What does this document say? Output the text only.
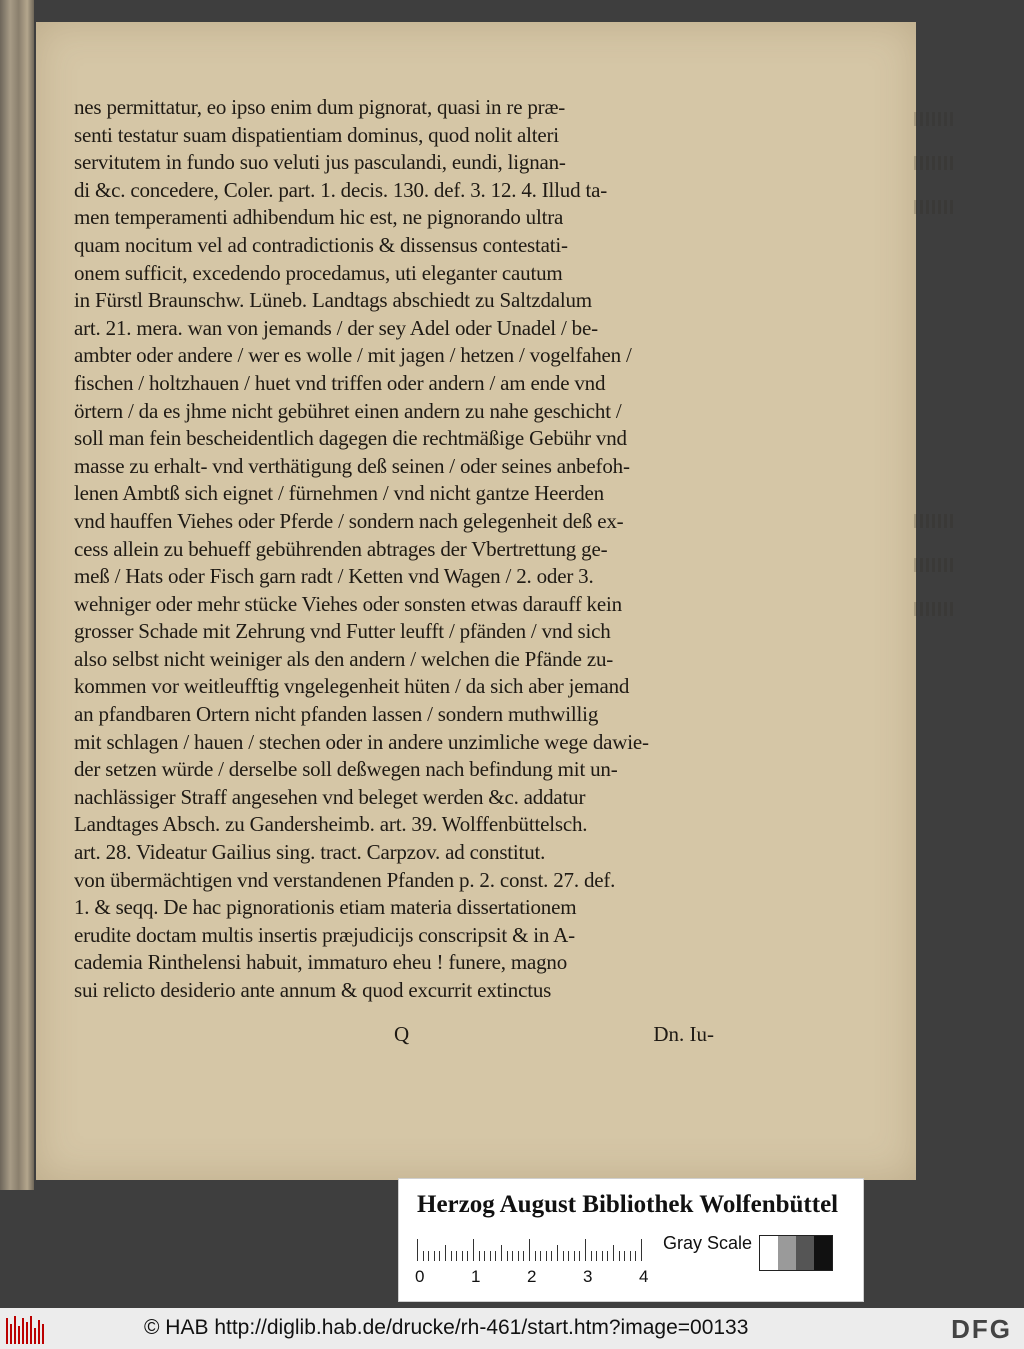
nes permittatur, eo ipso enim dum pignorat, quasi in re præ-
senti testatur suam dispatientiam dominus, quod nolit alteri
servitutem in fundo suo veluti jus pasculandi, eundi, lignan-
di &c. concedere, Coler. part. 1. decis. 130. def. 3. 12. 4. Illud ta-
men temperamenti adhibendum hic est, ne pignorando ultra
quam nocitum vel ad contradictionis & dissensus contestati-
onem sufficit, excedendo procedamus, uti eleganter cautum
in Fürstl Braunschw. Lüneb. Landtags abschiedt zu Saltzdalum
art. 21. mera. wan von jemands / der sey Adel oder Unadel / be-
ambter oder andere / wer es wolle / mit jagen / hetzen / vogelfahen /
fischen / holtzhauen / huet vnd triffen oder andern / am ende vnd
örtern / da es jhme nicht gebühret einen andern zu nahe geschicht /
soll man fein bescheidentlich dagegen die rechtmäßige Gebühr vnd
masse zu erhalt- vnd verthätigung deß seinen / oder seines anbefoh-
lenen Ambtß sich eignet / fürnehmen / vnd nicht gantze Heerden
vnd hauffen Viehes oder Pferde / sondern nach gelegenheit deß ex-
cess allein zu behueff gebührenden abtrages der Vbertrettung ge-
meß / Hats oder Fisch garn radt / Ketten vnd Wagen / 2. oder 3.
wehniger oder mehr stücke Viehes oder sonsten etwas darauff kein
grosser Schade mit Zehrung vnd Futter leufft / pfänden / vnd sich
also selbst nicht weiniger als den andern / welchen die Pfände zu-
kommen vor weitleufftig vngelegenheit hüten / da sich aber jemand
an pfandbaren Ortern nicht pfanden lassen / sondern muthwillig
mit schlagen / hauen / stechen oder in andere unzimliche wege dawie-
der setzen würde / derselbe soll deßwegen nach befindung mit un-
nachlässiger Straff angesehen vnd beleget werden &c. addatur
Landtages Absch. zu Gandersheimb. art. 39. Wolffenbüttelsch.
art. 28. Videatur Gailius sing. tract. Carpzov. ad constitut.
von übermächtigen vnd verstandenen Pfanden p. 2. const. 27. def.
1. & seqq. De hac pignorationis etiam materia dissertationem
erudite doctam multis insertis præjudicijs conscripsit & in A-
cademia Rinthelensi habuit, immaturo eheu ! funere, magno
sui relicto desiderio ante annum & quod excurrit extinctus
Q	Dn. Iu-
Herzog August Bibliothek Wolfenbüttel
0	1	2	3	4
Gray Scale
© HAB http://diglib.hab.de/drucke/rh-461/start.htm?image=00133	DFG
